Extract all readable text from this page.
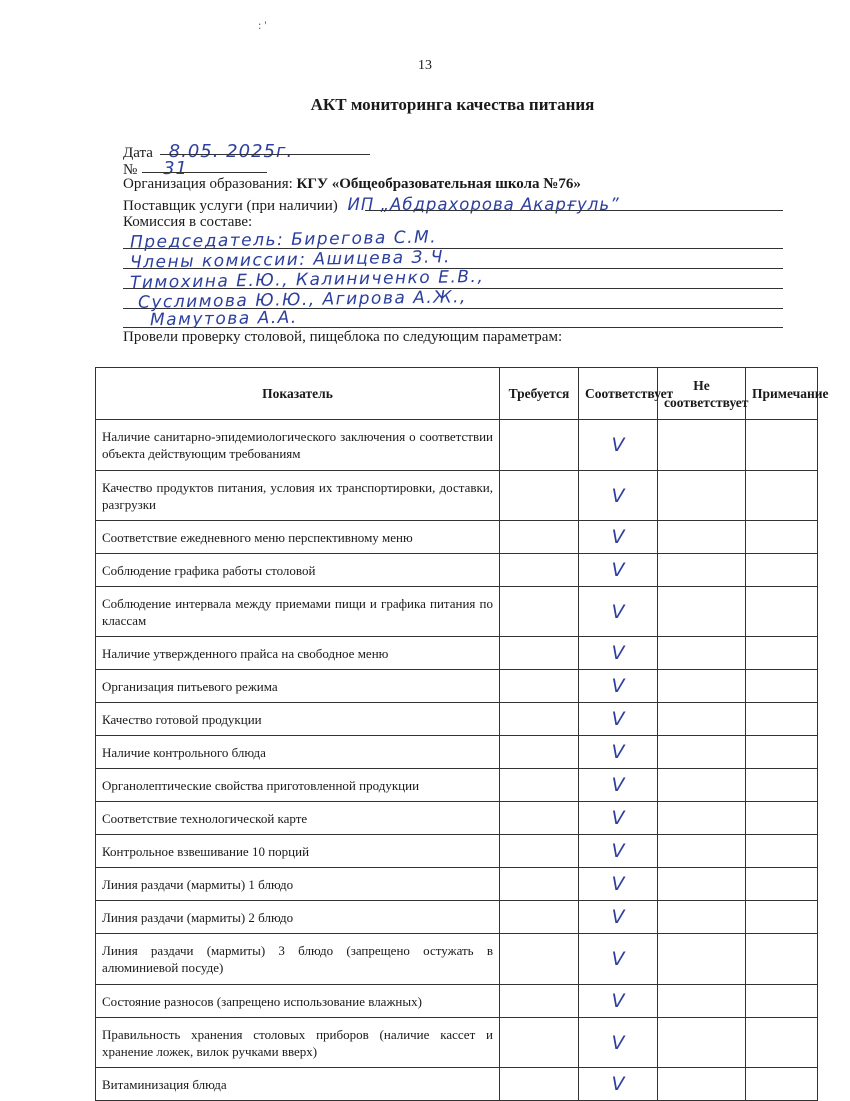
: '
13
АКТ мониторинга качества питания
Дата 8.05. 2025г.
№ 31
Организация образования: КГУ «Общеобразовательная школа №76»
Поставщик услуги (при наличии) ИП „Абдрахорова Акарғуль”
Комиссия в составе:
Председатель: Бирегова С.М.
Члены комиссии: Ашицева З.Ч.
Тимохина Е.Ю., Калиниченко Е.В.,
Суслимова Ю.Ю., Агирова А.Ж.,
Мамутова А.А.
Провели проверку столовой, пищеблока по следующим параметрам:
Показатель	Требуется	Соответствует	Не соответствует	Примечание
Наличие санитарно-эпидемиологического заключения о соответствии объекта действующим требованиям		V		
Качество продуктов питания, условия их транспортировки, доставки, разгрузки		V		
Соответствие ежедневного меню перспективному меню		V		
Соблюдение графика работы столовой		V		
Соблюдение интервала между приемами пищи и графика питания по классам		V		
Наличие утвержденного прайса на свободное меню		V		
Организация питьевого режима		V		
Качество готовой продукции		V		
Наличие контрольного блюда		V		
Органолептические свойства приготовленной продукции		V		
Соответствие технологической карте		V		
Контрольное взвешивание 10 порций		V		
Линия раздачи (мармиты) 1 блюдо		V		
Линия раздачи (мармиты) 2 блюдо		V		
Линия раздачи (мармиты) 3 блюдо (запрещено остужать в алюминиевой посуде)		V		
Состояние разносов (запрещено использование влажных)		V		
Правильность хранения столовых приборов (наличие кассет и хранение ложек, вилок ручками вверх)		V		
Витаминизация блюда		V		
